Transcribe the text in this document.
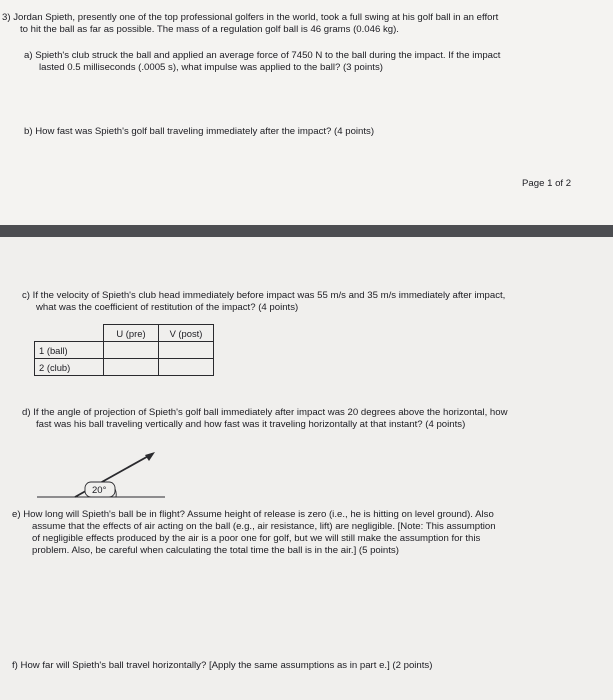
3) Jordan Spieth, presently one of the top professional golfers in the world, took a full swing at his golf ball in an effort
to hit the ball as far as possible. The mass of a regulation golf ball is 46 grams (0.046 kg).
a) Spieth's club struck the ball and applied an average force of 7450 N to the ball during the impact. If the impact
lasted 0.5 milliseconds (.0005 s), what impulse was applied to the ball? (3 points)
b) How fast was Spieth's golf ball traveling immediately after the impact? (4 points)
Page 1 of 2
c) If the velocity of Spieth's club head immediately before impact was 55 m/s and 35 m/s immediately after impact,
what was the coefficient of restitution of the impact? (4 points)
	U (pre)	V (post)
1 (ball)		
2 (club)		
d) If the angle of projection of Spieth's golf ball immediately after impact was 20 degrees above the horizontal, how
fast was his ball traveling vertically and how fast was it traveling horizontally at that instant? (4 points)
20°
e) How long will Spieth's ball be in flight? Assume height of release is zero (i.e., he is hitting on level ground). Also
assume that the effects of air acting on the ball (e.g., air resistance, lift) are negligible. [Note: This assumption
of negligible effects produced by the air is a poor one for golf, but we will still make the assumption for this
problem. Also, be careful when calculating the total time the ball is in the air.] (5 points)
f) How far will Spieth's ball travel horizontally? [Apply the same assumptions as in part e.] (2 points)
